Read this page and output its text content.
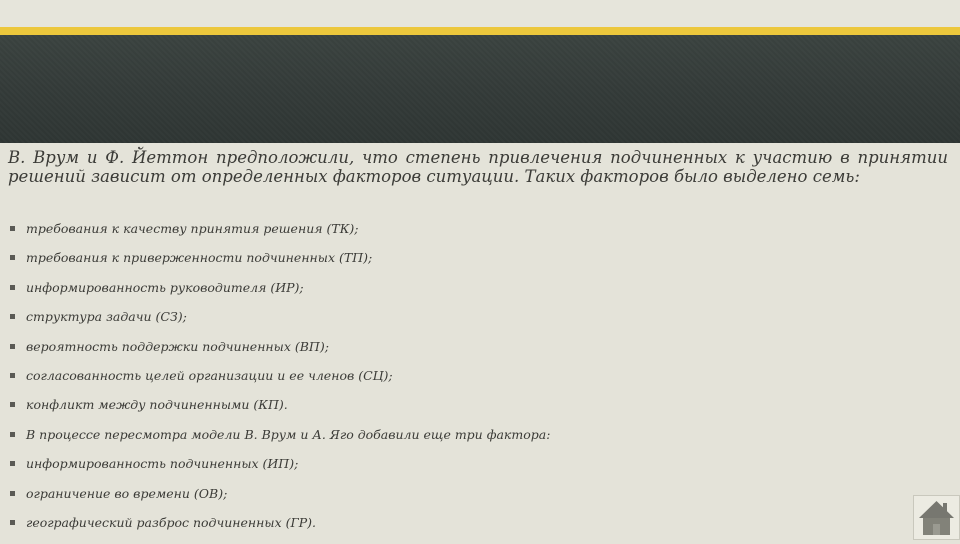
В. Врум и Ф. Йеттон предположили, что степень привлечения подчиненных к участию в принятии решений зависит от определенных факторов ситуации. Таких факторов было выделено семь:

требования к качеству принятия решения (ТК);
требования к приверженности подчиненных (ТП);
информированность руководителя (ИР);
структура задачи (СЗ);
вероятность поддержки подчиненных (ВП);
согласованность целей организации и ее членов (СЦ);
конфликт между подчиненными (КП).
В процессе пересмотра модели В. Врум и А. Яго добавили еще три фактора:
информированность подчиненных (ИП);
ограничение во времени (ОВ);
географический разброс подчиненных (ГР).
